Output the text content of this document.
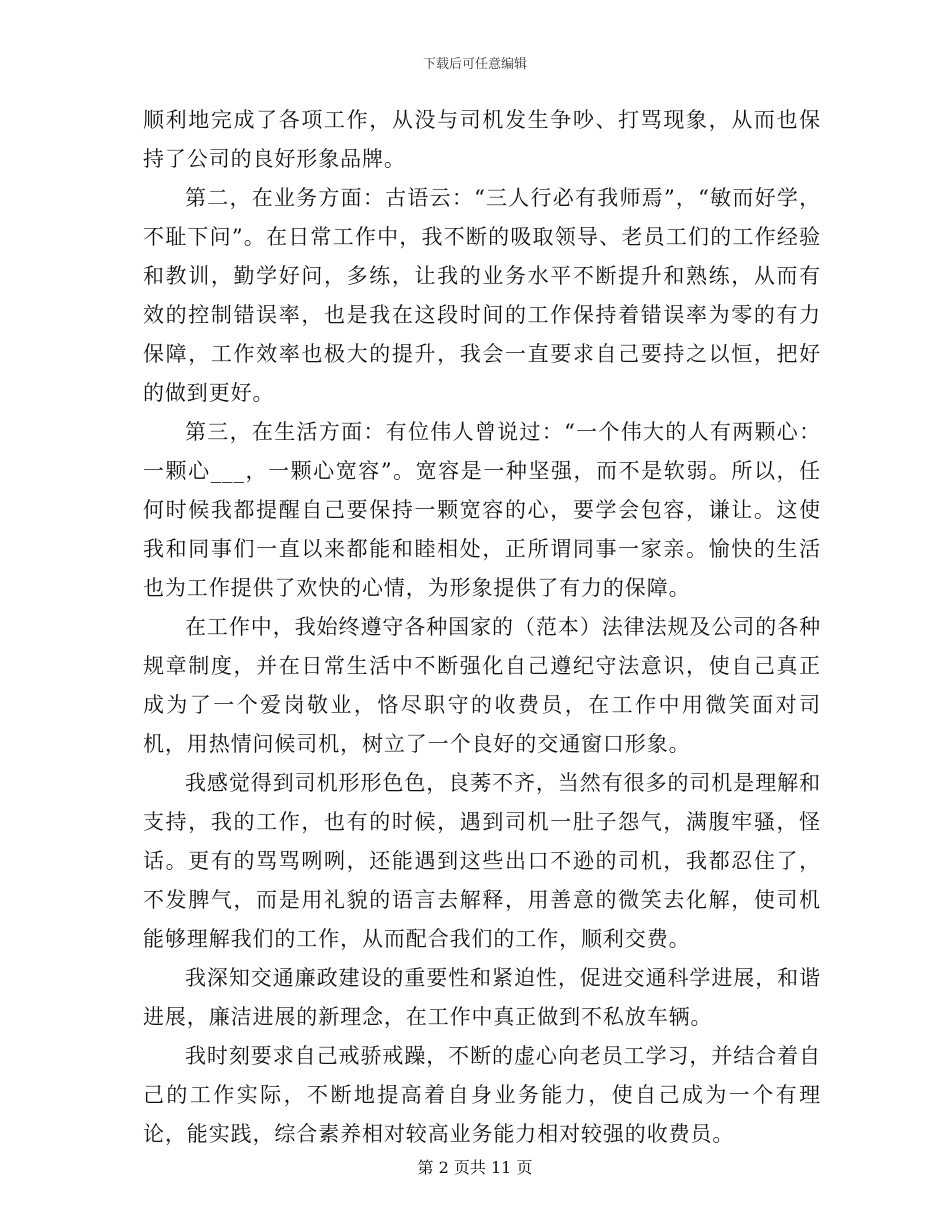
下载后可任意编辑

顺利地完成了各项工作，从没与司机发生争吵、打骂现象，从而也保持了公司的良好形象品牌。

第二，在业务方面：古语云：“三人行必有我师焉”，“敏而好学，不耻下问”。在日常工作中，我不断的吸取领导、老员工们的工作经验和教训，勤学好问，多练，让我的业务水平不断提升和熟练，从而有效的控制错误率，也是我在这段时间的工作保持着错误率为零的有力保障，工作效率也极大的提升，我会一直要求自己要持之以恒，把好的做到更好。

第三，在生活方面：有位伟人曾说过：“一个伟大的人有两颗心：一颗心___，一颗心宽容”。宽容是一种坚强，而不是软弱。所以，任何时候我都提醒自己要保持一颗宽容的心，要学会包容，谦让。这使我和同事们一直以来都能和睦相处，正所谓同事一家亲。愉快的生活也为工作提供了欢快的心情，为形象提供了有力的保障。

在工作中，我始终遵守各种国家的（范本）法律法规及公司的各种规章制度，并在日常生活中不断强化自己遵纪守法意识，使自己真正成为了一个爱岗敬业，恪尽职守的收费员，在工作中用微笑面对司机，用热情问候司机，树立了一个良好的交通窗口形象。

我感觉得到司机形形色色，良莠不齐，当然有很多的司机是理解和支持，我的工作，也有的时候，遇到司机一肚子怨气，满腹牢骚，怪话。更有的骂骂咧咧，还能遇到这些出口不逊的司机，我都忍住了，不发脾气，而是用礼貌的语言去解释，用善意的微笑去化解，使司机能够理解我们的工作，从而配合我们的工作，顺利交费。

我深知交通廉政建设的重要性和紧迫性，促进交通科学进展，和谐进展，廉洁进展的新理念，在工作中真正做到不私放车辆。

我时刻要求自己戒骄戒躁，不断的虚心向老员工学习，并结合着自己的工作实际，不断地提高着自身业务能力，使自己成为一个有理论，能实践，综合素养相对较高业务能力相对较强的收费员。

第 2 页共 11 页
